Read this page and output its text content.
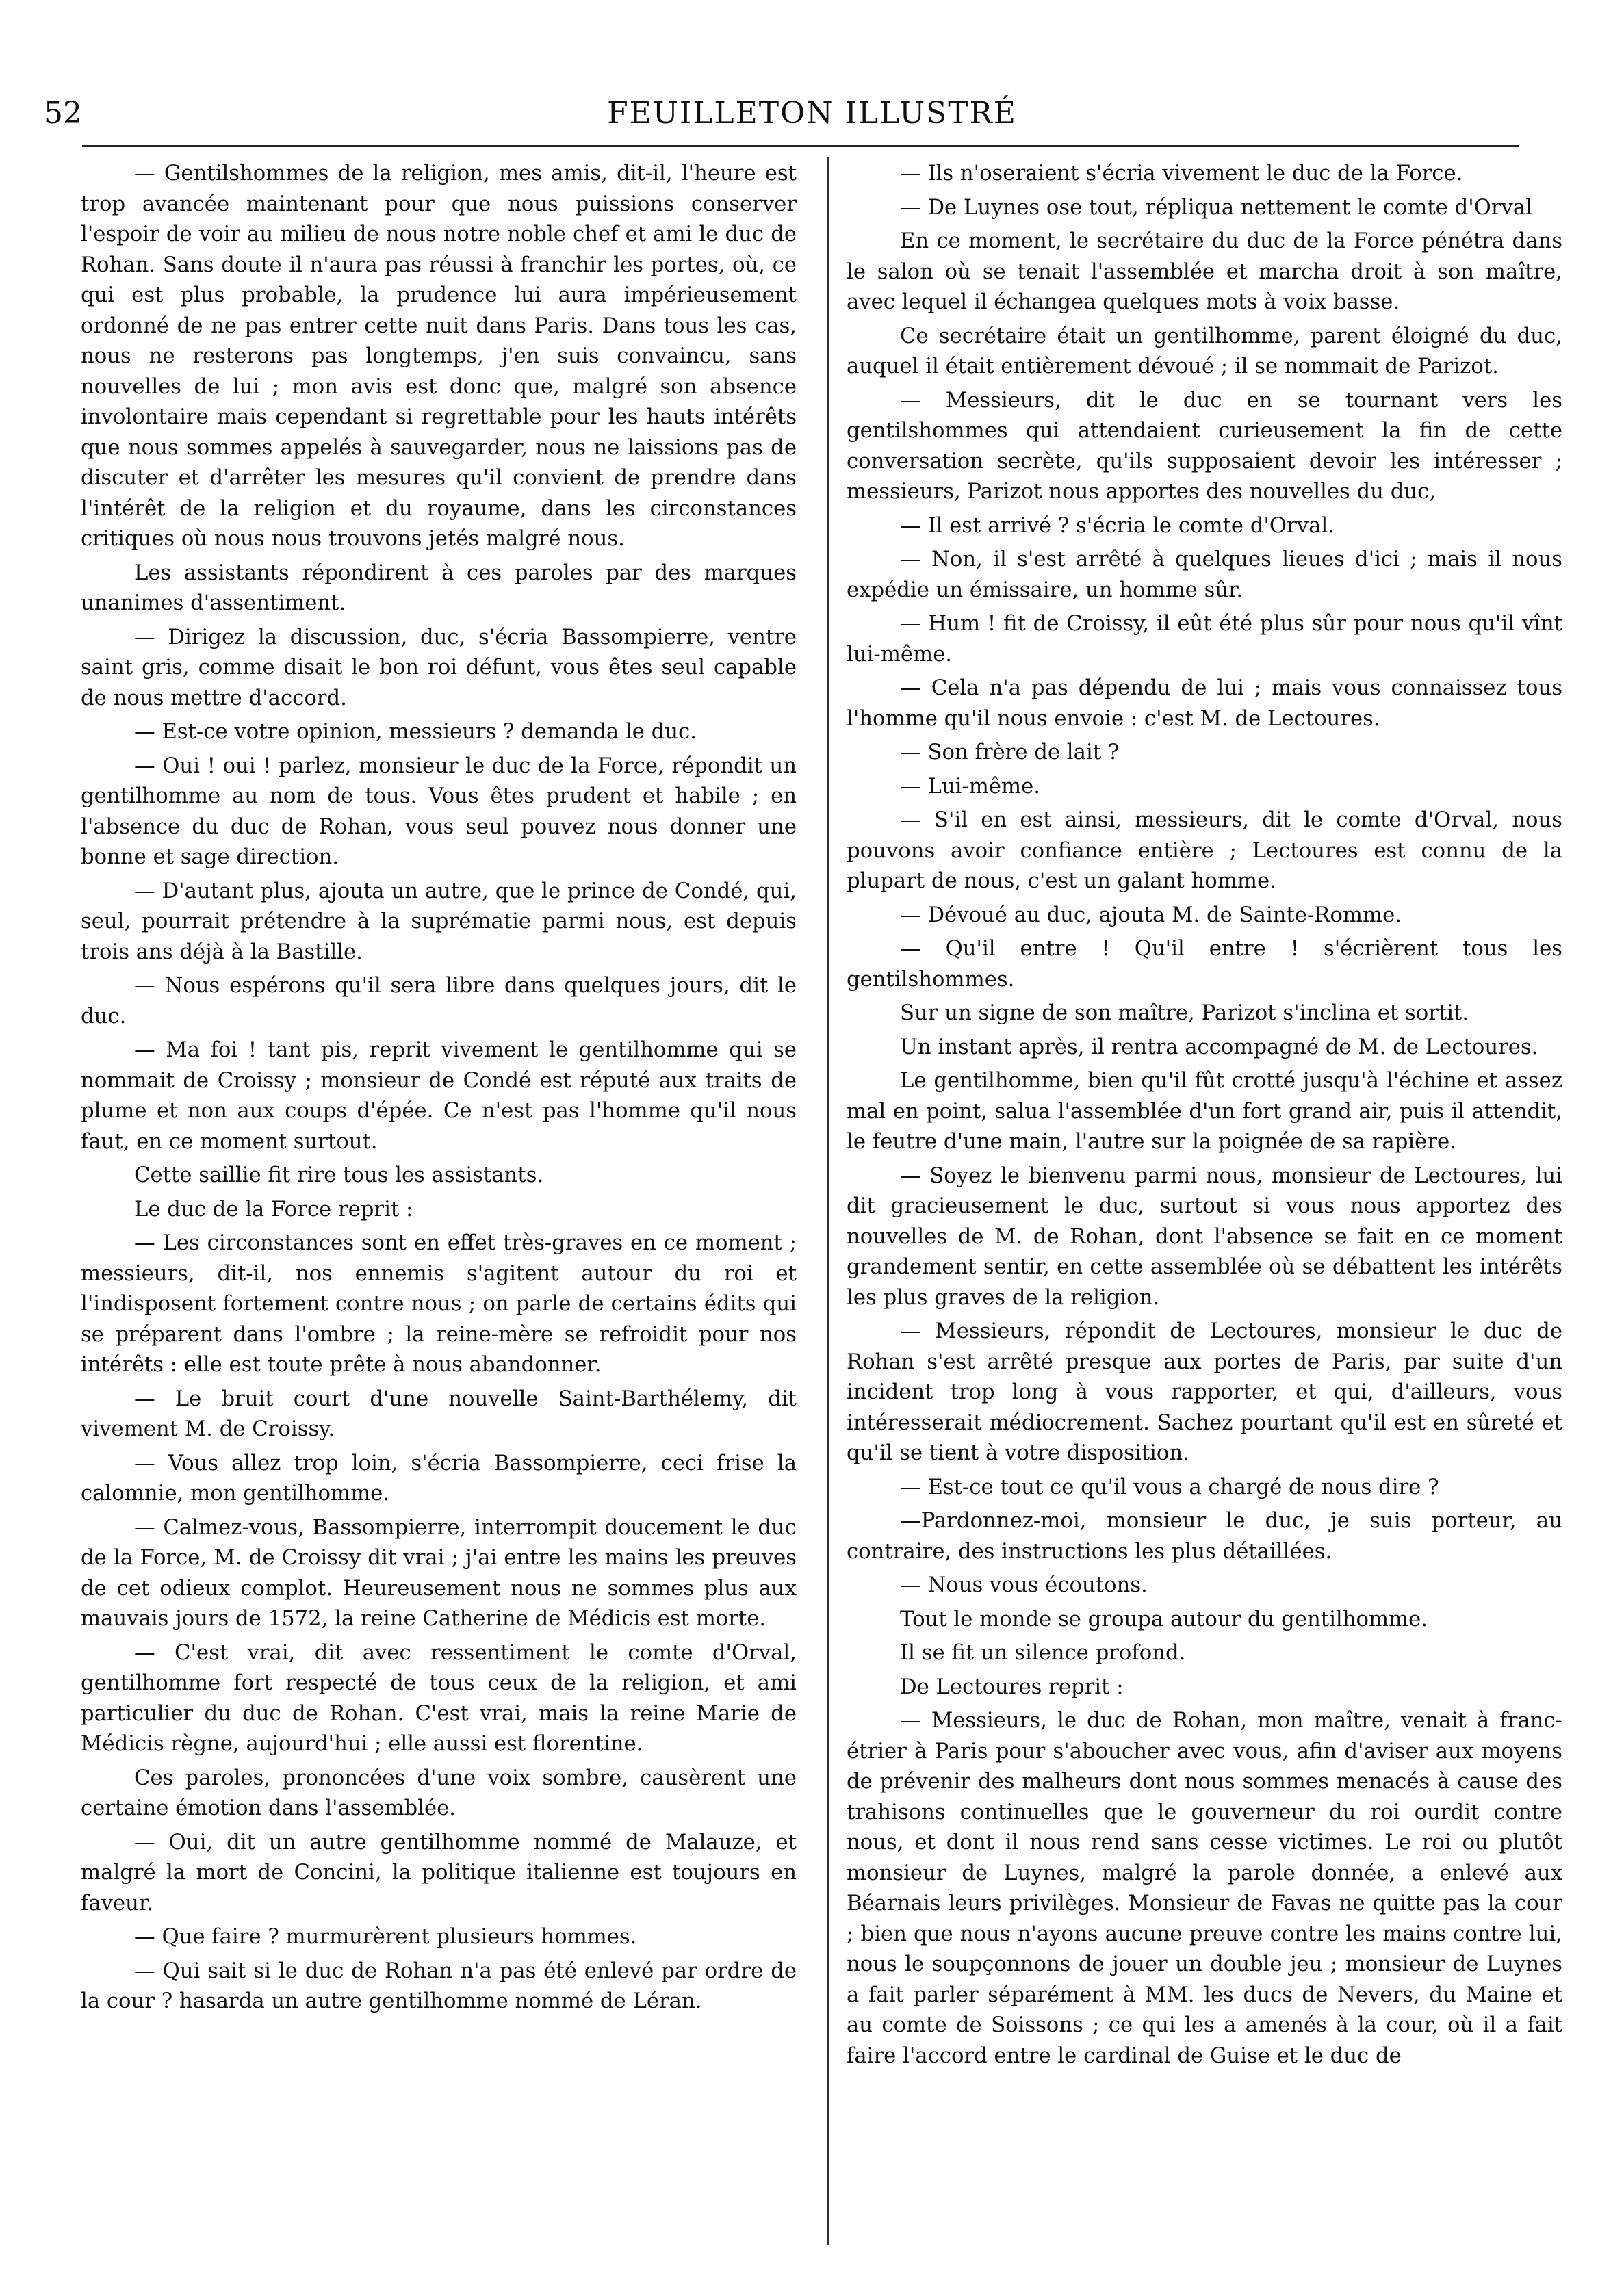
52	FEUILLETON ILLUSTRÉ

— Gentilshommes de la religion, mes amis, dit-il, l'heure est trop avancée maintenant pour que nous puissions conserver l'espoir de voir au milieu de nous notre noble chef et ami le duc de Rohan. Sans doute il n'aura pas réussi à franchir les portes, où, ce qui est plus probable, la prudence lui aura impérieusement ordonné de ne pas entrer cette nuit dans Paris. Dans tous les cas, nous ne resterons pas longtemps, j'en suis convaincu, sans nouvelles de lui ; mon avis est donc que, malgré son absence involontaire mais cependant si regrettable pour les hauts intérêts que nous sommes appelés à sauvegarder, nous ne laissions pas de discuter et d'arrêter les mesures qu'il convient de prendre dans l'intérêt de la religion et du royaume, dans les circonstances critiques où nous nous trouvons jetés malgré nous.

Les assistants répondirent à ces paroles par des marques unanimes d'assentiment.

— Dirigez la discussion, duc, s'écria Bassompierre, ventre saint gris, comme disait le bon roi défunt, vous êtes seul capable de nous mettre d'accord.

— Est-ce votre opinion, messieurs ? demanda le duc.

— Oui ! oui ! parlez, monsieur le duc de la Force, répondit un gentilhomme au nom de tous. Vous êtes prudent et habile ; en l'absence du duc de Rohan, vous seul pouvez nous donner une bonne et sage direction.

— D'autant plus, ajouta un autre, que le prince de Condé, qui, seul, pourrait prétendre à la suprématie parmi nous, est depuis trois ans déjà à la Bastille.

— Nous espérons qu'il sera libre dans quelques jours, dit le duc.

— Ma foi ! tant pis, reprit vivement le gentilhomme qui se nommait de Croissy ; monsieur de Condé est réputé aux traits de plume et non aux coups d'épée. Ce n'est pas l'homme qu'il nous faut, en ce moment surtout.

Cette saillie fit rire tous les assistants.

Le duc de la Force reprit :

— Les circonstances sont en effet très-graves en ce moment ; messieurs, dit-il, nos ennemis s'agitent autour du roi et l'indisposent fortement contre nous ; on parle de certains édits qui se préparent dans l'ombre ; la reine-mère se refroidit pour nos intérêts : elle est toute prête à nous abandonner.

— Le bruit court d'une nouvelle Saint-Barthélemy, dit vivement M. de Croissy.

— Vous allez trop loin, s'écria Bassompierre, ceci frise la calomnie, mon gentilhomme.

— Calmez-vous, Bassompierre, interrompit doucement le duc de la Force, M. de Croissy dit vrai ; j'ai entre les mains les preuves de cet odieux complot. Heureusement nous ne sommes plus aux mauvais jours de 1572, la reine Catherine de Médicis est morte.

— C'est vrai, dit avec ressentiment le comte d'Orval, gentilhomme fort respecté de tous ceux de la religion, et ami particulier du duc de Rohan. C'est vrai, mais la reine Marie de Médicis règne, aujourd'hui ; elle aussi est florentine.

Ces paroles, prononcées d'une voix sombre, causèrent une certaine émotion dans l'assemblée.

— Oui, dit un autre gentilhomme nommé de Malauze, et malgré la mort de Concini, la politique italienne est toujours en faveur.

— Que faire ? murmurèrent plusieurs hommes.

— Qui sait si le duc de Rohan n'a pas été enlevé par ordre de la cour ? hasarda un autre gentilhomme nommé de Léran.

— Ils n'oseraient s'écria vivement le duc de la Force.

— De Luynes ose tout, répliqua nettement le comte d'Orval

En ce moment, le secrétaire du duc de la Force pénétra dans le salon où se tenait l'assemblée et marcha droit à son maître, avec lequel il échangea quelques mots à voix basse.

Ce secrétaire était un gentilhomme, parent éloigné du duc, auquel il était entièrement dévoué ; il se nommait de Parizot.

— Messieurs, dit le duc en se tournant vers les gentilshommes qui attendaient curieusement la fin de cette conversation secrète, qu'ils supposaient devoir les intéresser ; messieurs, Parizot nous apportes des nouvelles du duc,

— Il est arrivé ? s'écria le comte d'Orval.

— Non, il s'est arrêté à quelques lieues d'ici ; mais il nous expédie un émissaire, un homme sûr.

— Hum ! fit de Croissy, il eût été plus sûr pour nous qu'il vînt lui-même.

— Cela n'a pas dépendu de lui ; mais vous connaissez tous l'homme qu'il nous envoie : c'est M. de Lectoures.

— Son frère de lait ?

— Lui-même.

— S'il en est ainsi, messieurs, dit le comte d'Orval, nous pouvons avoir confiance entière ; Lectoures est connu de la plupart de nous, c'est un galant homme.

— Dévoué au duc, ajouta M. de Sainte-Romme.

— Qu'il entre ! Qu'il entre ! s'écrièrent tous les gentilshommes.

Sur un signe de son maître, Parizot s'inclina et sortit.

Un instant après, il rentra accompagné de M. de Lectoures.

Le gentilhomme, bien qu'il fût crotté jusqu'à l'échine et assez mal en point, salua l'assemblée d'un fort grand air, puis il attendit, le feutre d'une main, l'autre sur la poignée de sa rapière.

— Soyez le bienvenu parmi nous, monsieur de Lectoures, lui dit gracieusement le duc, surtout si vous nous apportez des nouvelles de M. de Rohan, dont l'absence se fait en ce moment grandement sentir, en cette assemblée où se débattent les intérêts les plus graves de la religion.

— Messieurs, répondit de Lectoures, monsieur le duc de Rohan s'est arrêté presque aux portes de Paris, par suite d'un incident trop long à vous rapporter, et qui, d'ailleurs, vous intéresserait médiocrement. Sachez pourtant qu'il est en sûreté et qu'il se tient à votre disposition.

— Est-ce tout ce qu'il vous a chargé de nous dire ?

—Pardonnez-moi, monsieur le duc, je suis porteur, au contraire, des instructions les plus détaillées.

— Nous vous écoutons.

Tout le monde se groupa autour du gentilhomme.

Il se fit un silence profond.

De Lectoures reprit :

— Messieurs, le duc de Rohan, mon maître, venait à franc-étrier à Paris pour s'aboucher avec vous, afin d'aviser aux moyens de prévenir des malheurs dont nous sommes menacés à cause des trahisons continuelles que le gouverneur du roi ourdit contre nous, et dont il nous rend sans cesse victimes. Le roi ou plutôt monsieur de Luynes, malgré la parole donnée, a enlevé aux Béarnais leurs privilèges. Monsieur de Favas ne quitte pas la cour ; bien que nous n'ayons aucune preuve contre les mains contre lui, nous le soupçonnons de jouer un double jeu ; monsieur de Luynes a fait parler séparément à MM. les ducs de Nevers, du Maine et au comte de Soissons ; ce qui les a amenés à la cour, où il a fait faire l'accord entre le cardinal de Guise et le duc de
